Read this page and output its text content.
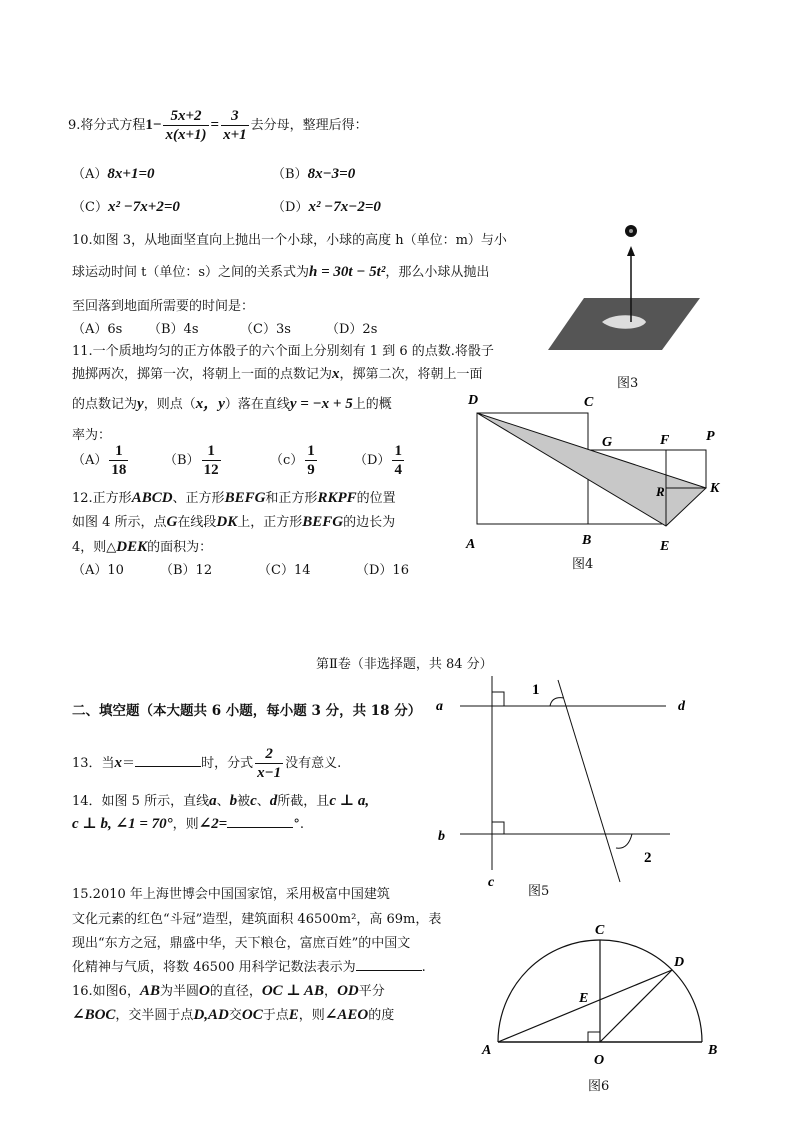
9.将分式方程$1- \frac{5x+2}{x(x+1)} = \frac{3}{x+1}$ 去分母，整理后得：
（A）8x+1=0	（B）8x−3=0
（C）x² −7x+2=0	（D）x² −7x−2=0
10.如图 3，从地面坚直向上抛出一个小球，小球的高度 h（单位：m）与小
球运动时间 t（单位：s）之间的关系式为h = 30t − 5t²，那么小球从抛出
至回落到地面所需要的时间是：
（A）6s （B）4s	（C）3s	（D）2s
图3
11.一个质地均匀的正方体骰子的六个面上分别刻有 1 到 6 的点数.将骰子
抛掷两次，掷第一次，将朝上一面的点数记为x，掷第二次，将朝上一面
的点数记为y，则点（x，y）落在直线y = −x + 5上的概
率为：
$(A) \frac{1}{18}$	$(B) \frac{1}{12}$	$(c) \frac{1}{9}$	$(D) \frac{1}{4}$
12.正方形ABCD、正方形BEFG和正方形RKPF的位置
如图 4 所示，点G在线段DK上，正方形BEFG的边长为
4，则△DEK的面积为：
（A）10	（B）12	（C）14	（D）16
D	C
G	F	P
R	K
A	B	E
图4
第Ⅱ卷（非选择题，共 84 分）
二、填空题（本大题共 6 小题，每小题 3 分，共 18 分）
13．当x＝	时，分式 $\frac{2}{x-1}$ 没有意义.
14．如图 5 所示，直线a、b被c、d所截，且c ⊥ a,
c ⊥ b, ∠1 = 70°，则∠2=	°.
a	d
b
c
1
2
图5
15.2010 年上海世博会中国国家馆，采用极富中国建筑
文化元素的红色“斗冠”造型，建筑面积 46500m²，高 69m，表
现出“东方之冠，鼎盛中华，天下粮仓，富庶百姓”的中国文
化精神与气质，将数 46500 用科学记数法表示为	.
16.如图6，AB为半圆O的直径，OC ⊥ AB，OD平分
∠BOC，交半圆于点D,AD交OC于点E，则∠AEO的度
C
D
E
A
O
B
图6
